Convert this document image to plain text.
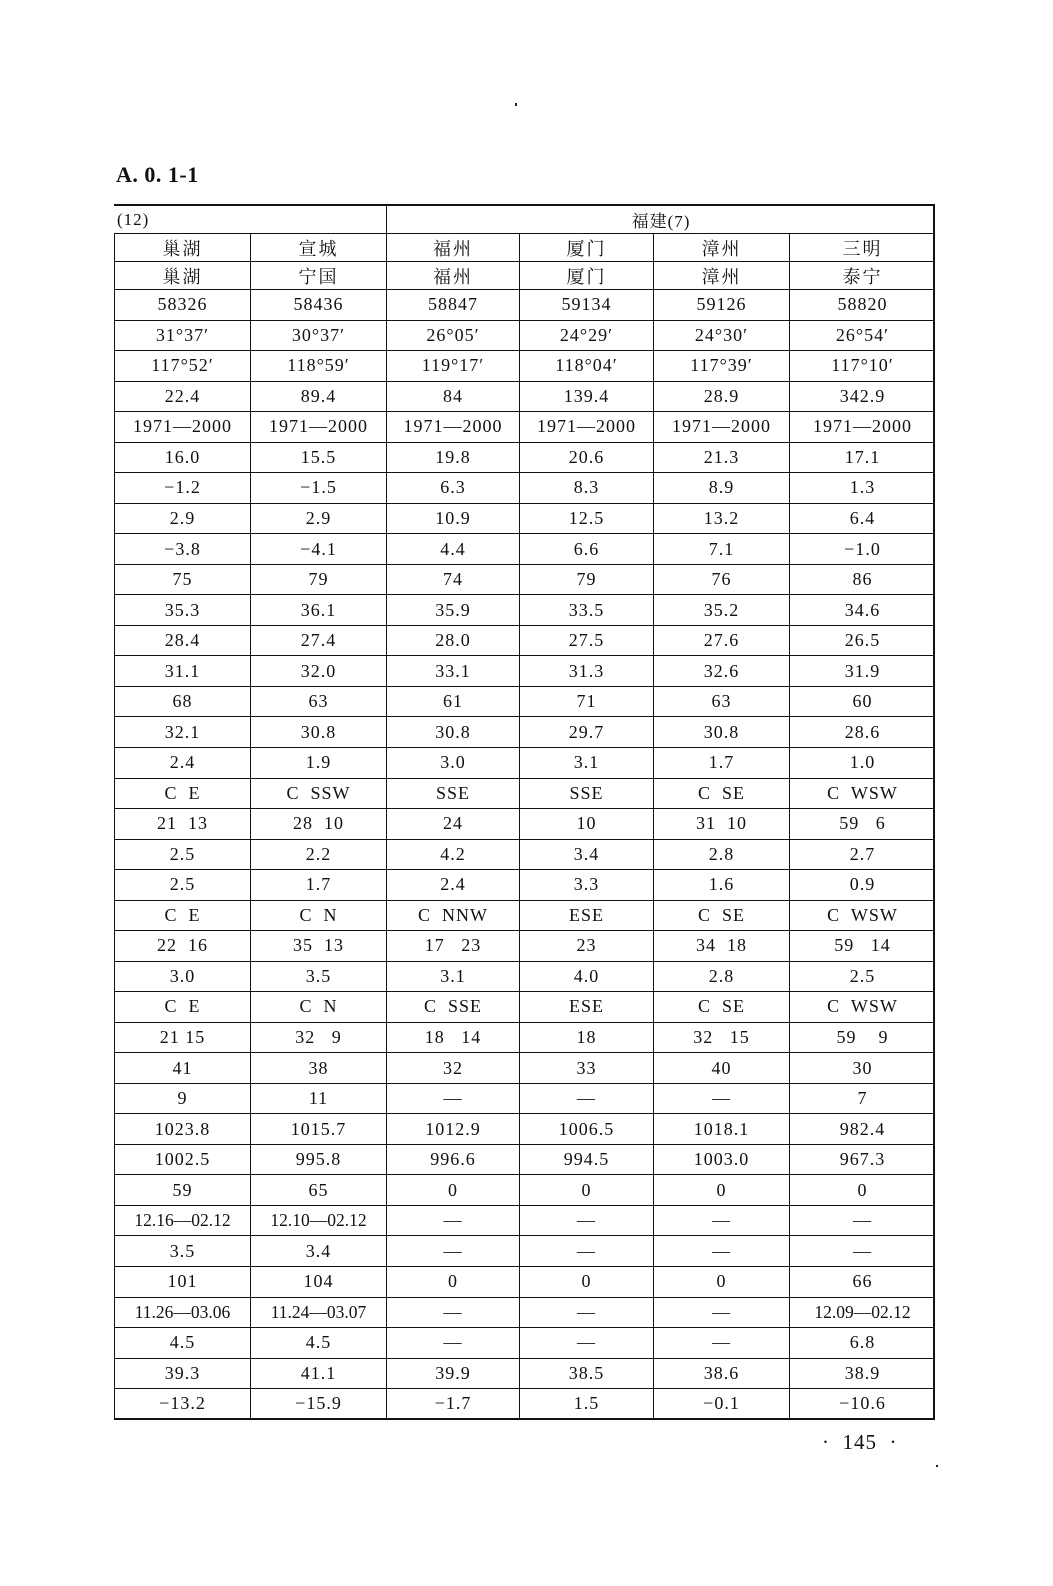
A. 0. 1-1
(12)	福建(7)
巢湖	宣城	福州	厦门	漳州	三明
巢湖	宁国	福州	厦门	漳州	泰宁
58326	58436	58847	59134	59126	58820
31°37′	30°37′	26°05′	24°29′	24°30′	26°54′
117°52′	118°59′	119°17′	118°04′	117°39′	117°10′
22.4	89.4	84	139.4	28.9	342.9
1971—2000	1971—2000	1971—2000	1971—2000	1971—2000	1971—2000
16.0	15.5	19.8	20.6	21.3	17.1
−1.2	−1.5	6.3	8.3	8.9	1.3
2.9	2.9	10.9	12.5	13.2	6.4
−3.8	−4.1	4.4	6.6	7.1	−1.0
75	79	74	79	76	86
35.3	36.1	35.9	33.5	35.2	34.6
28.4	27.4	28.0	27.5	27.6	26.5
31.1	32.0	33.1	31.3	32.6	31.9
68	63	61	71	63	60
32.1	30.8	30.8	29.7	30.8	28.6
2.4	1.9	3.0	3.1	1.7	1.0
C  E	C  SSW	SSE	SSE	C  SE	C  WSW
21  13	28  10	24	10	31  10	59   6
2.5	2.2	4.2	3.4	2.8	2.7
2.5	1.7	2.4	3.3	1.6	0.9
C  E	C  N	C  NNW	ESE	C  SE	C  WSW
22  16	35  13	17   23	23	34  18	59   14
3.0	3.5	3.1	4.0	2.8	2.5
C  E	C  N	C  SSE	ESE	C  SE	C  WSW
21 15	32   9	18   14	18	32   15	59    9
41	38	32	33	40	30
9	11	—	—	—	7
1023.8	1015.7	1012.9	1006.5	1018.1	982.4
1002.5	995.8	996.6	994.5	1003.0	967.3
59	65	0	0	0	0
12.16—02.12	12.10—02.12	—	—	—	—
3.5	3.4	—	—	—	—
101	104	0	0	0	66
11.26—03.06	11.24—03.07	—	—	—	12.09—02.12
4.5	4.5	—	—	—	6.8
39.3	41.1	39.9	38.5	38.6	38.9
−13.2	−15.9	−1.7	1.5	−0.1	−10.6
·  145  ·
